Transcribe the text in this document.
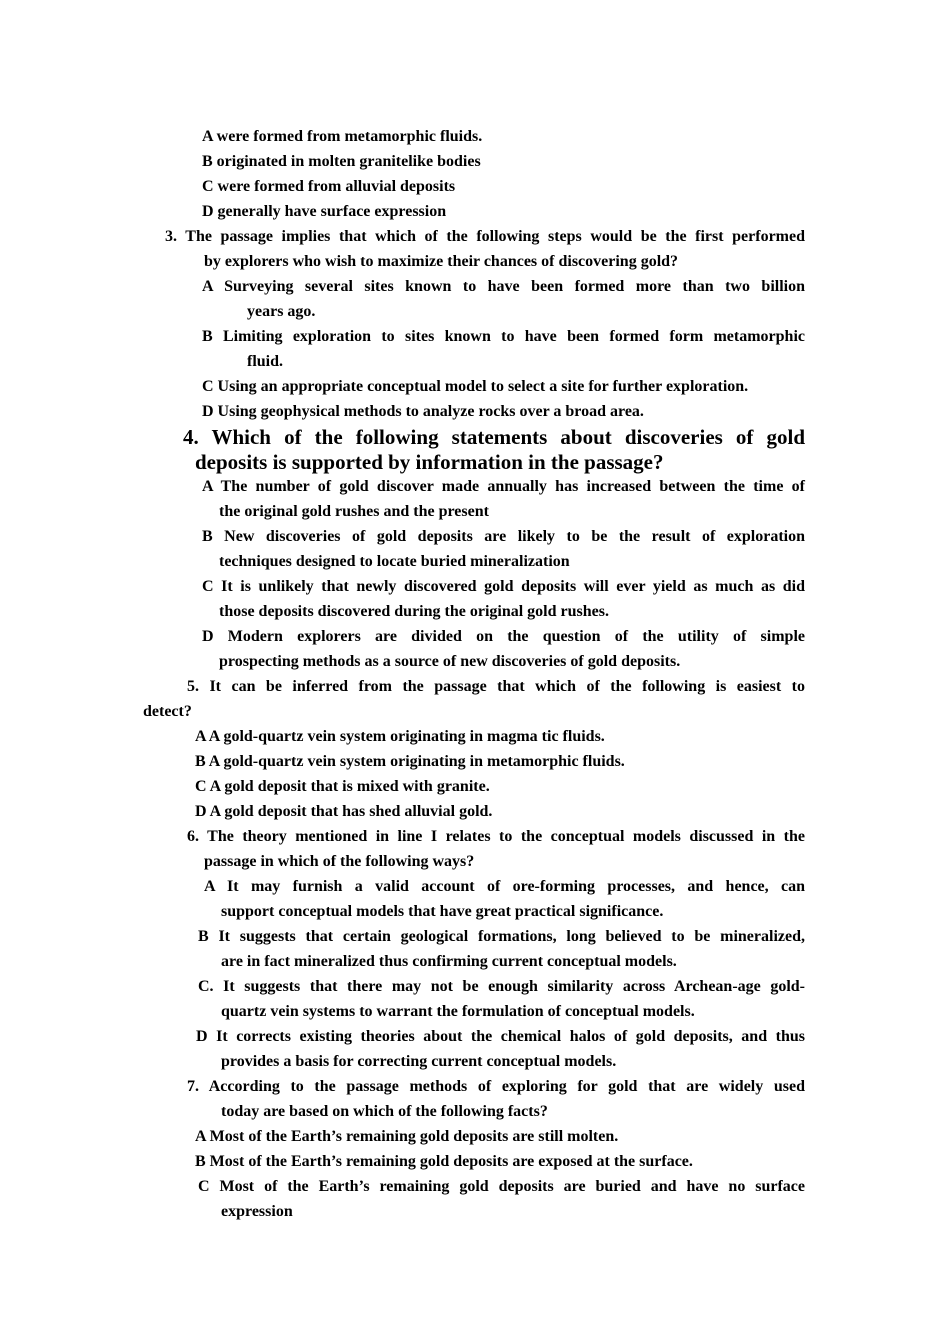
A were formed from metamorphic fluids.
B originated in molten granitelike bodies
C were formed from alluvial deposits
D generally have surface expression
3. The passage implies that which of the following steps would be the first performed
by explorers who wish to maximize their chances of discovering gold?
A Surveying several sites known to have been formed more than two billion
years ago.
B Limiting exploration to sites known to have been formed form metamorphic
fluid.
C Using an appropriate conceptual model to select a site for further exploration.
D Using geophysical methods to analyze rocks over a broad area.
4. Which of the following statements about discoveries of gold
deposits is supported by information in the passage?
A The number of gold discover made annually has increased between the time of
the original gold rushes and the present
B New discoveries of gold deposits are likely to be the result of exploration
techniques designed to locate buried mineralization
C It is unlikely that newly discovered gold deposits will ever yield as much as did
those deposits discovered during the original gold rushes.
D Modern explorers are divided on the question of the utility of simple
prospecting methods as a source of new discoveries of gold deposits.
5. It can be inferred from the passage that which of the following is easiest to
detect?
A A gold-quartz vein system originating in magma tic fluids.
B A gold-quartz vein system originating in metamorphic fluids.
C A gold deposit that is mixed with granite.
D A gold deposit that has shed alluvial gold.
6. The theory mentioned in line I relates to the conceptual models discussed in the
passage in which of the following ways?
A It may furnish a valid account of ore-forming processes, and hence, can
support conceptual models that have great practical significance.
B It suggests that certain geological formations, long believed to be mineralized,
are in fact mineralized thus confirming current conceptual models.
C. It suggests that there may not be enough similarity across Archean-age gold-
quartz vein systems to warrant the formulation of conceptual models.
D It corrects existing theories about the chemical halos of gold deposits, and thus
provides a basis for correcting current conceptual models.
7. According to the passage methods of exploring for gold that are widely used
today are based on which of the following facts?
A Most of the Earth’s remaining gold deposits are still molten.
B Most of the Earth’s remaining gold deposits are exposed at the surface.
C Most of the Earth’s remaining gold deposits are buried and have no surface
expression
